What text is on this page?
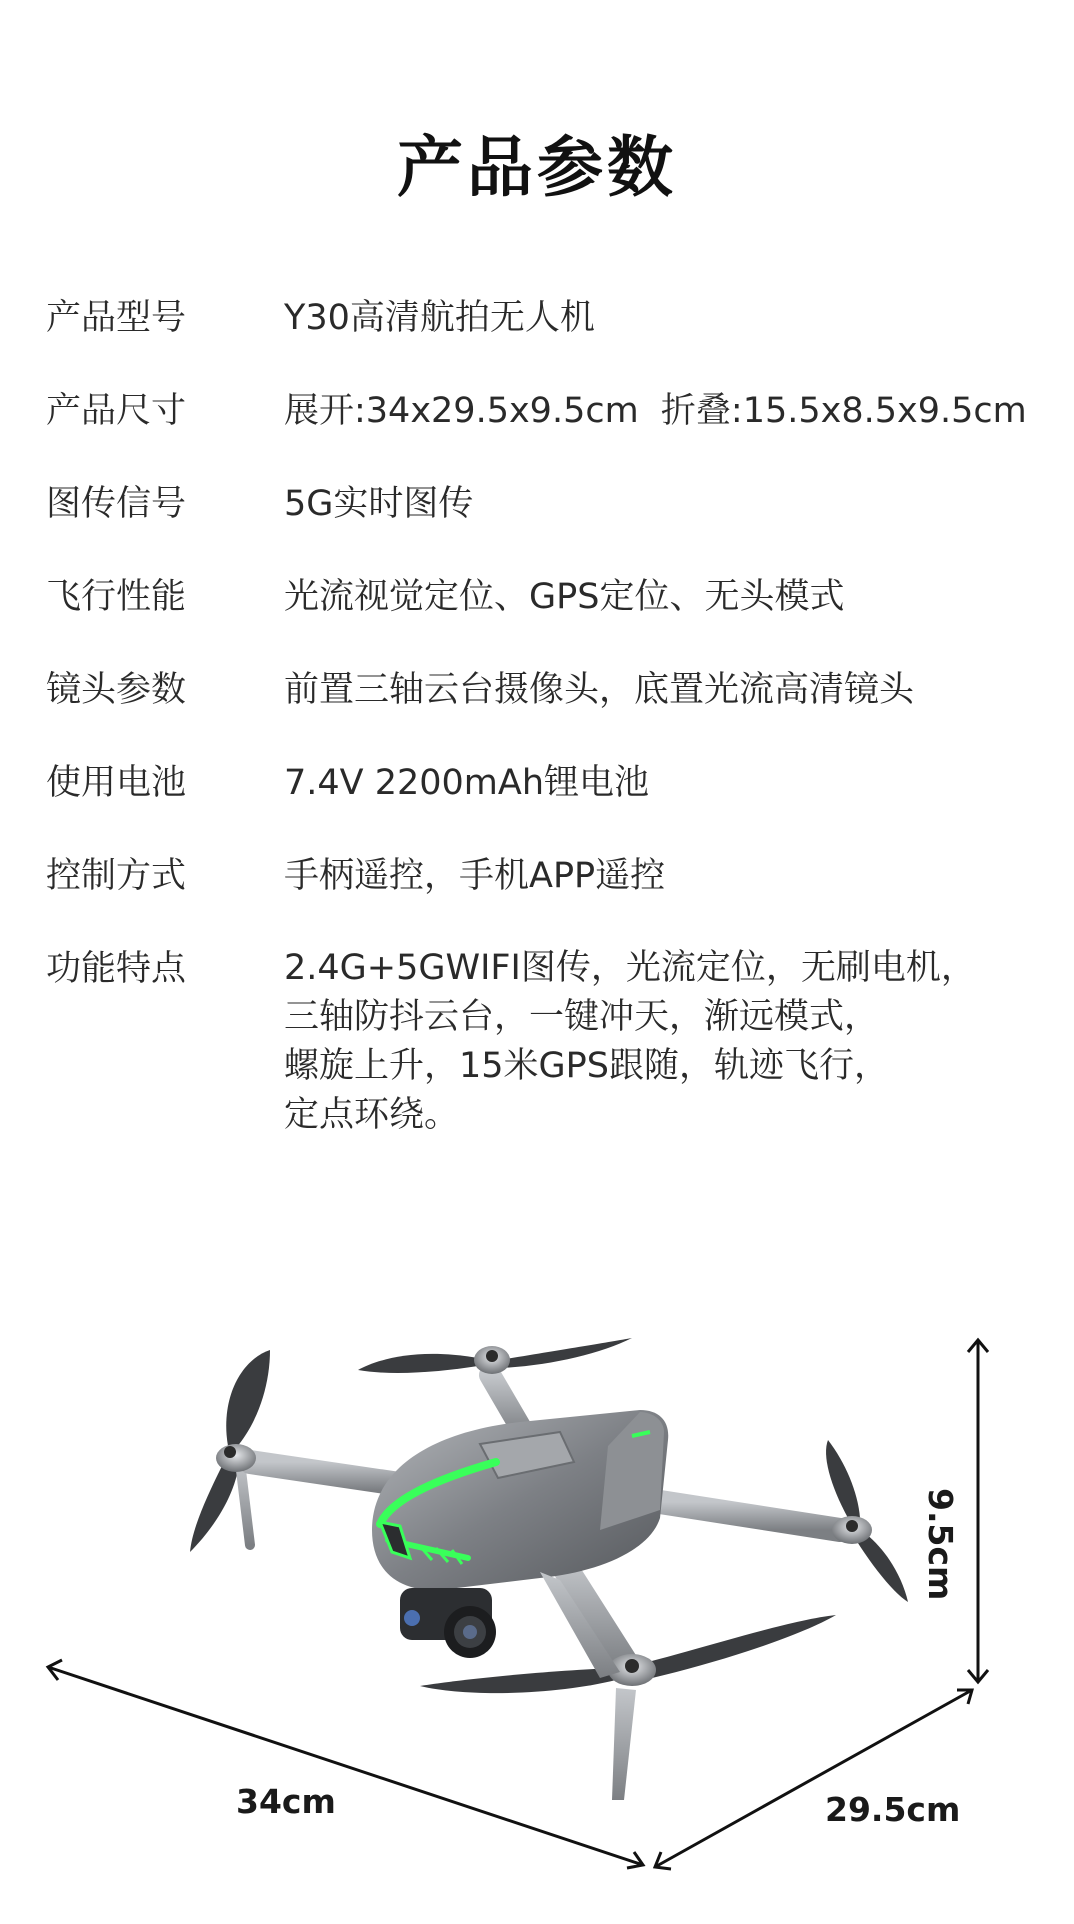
产品参数
产品型号	Y30高清航拍无人机
产品尺寸	展开:34x29.5x9.5cm  折叠:15.5x8.5x9.5cm
图传信号	5G实时图传
飞行性能	光流视觉定位、GPS定位、无头模式
镜头参数	前置三轴云台摄像头，底置光流高清镜头
使用电池	7.4V 2200mAh锂电池
控制方式	手柄遥控，手机APP遥控
功能特点	2.4G+5GWIFI图传，光流定位，无刷电机，
三轴防抖云台，一键冲天，渐远模式，
螺旋上升，15米GPS跟随，轨迹飞行，
定点环绕。
34cm	29.5cm
9.5cm
